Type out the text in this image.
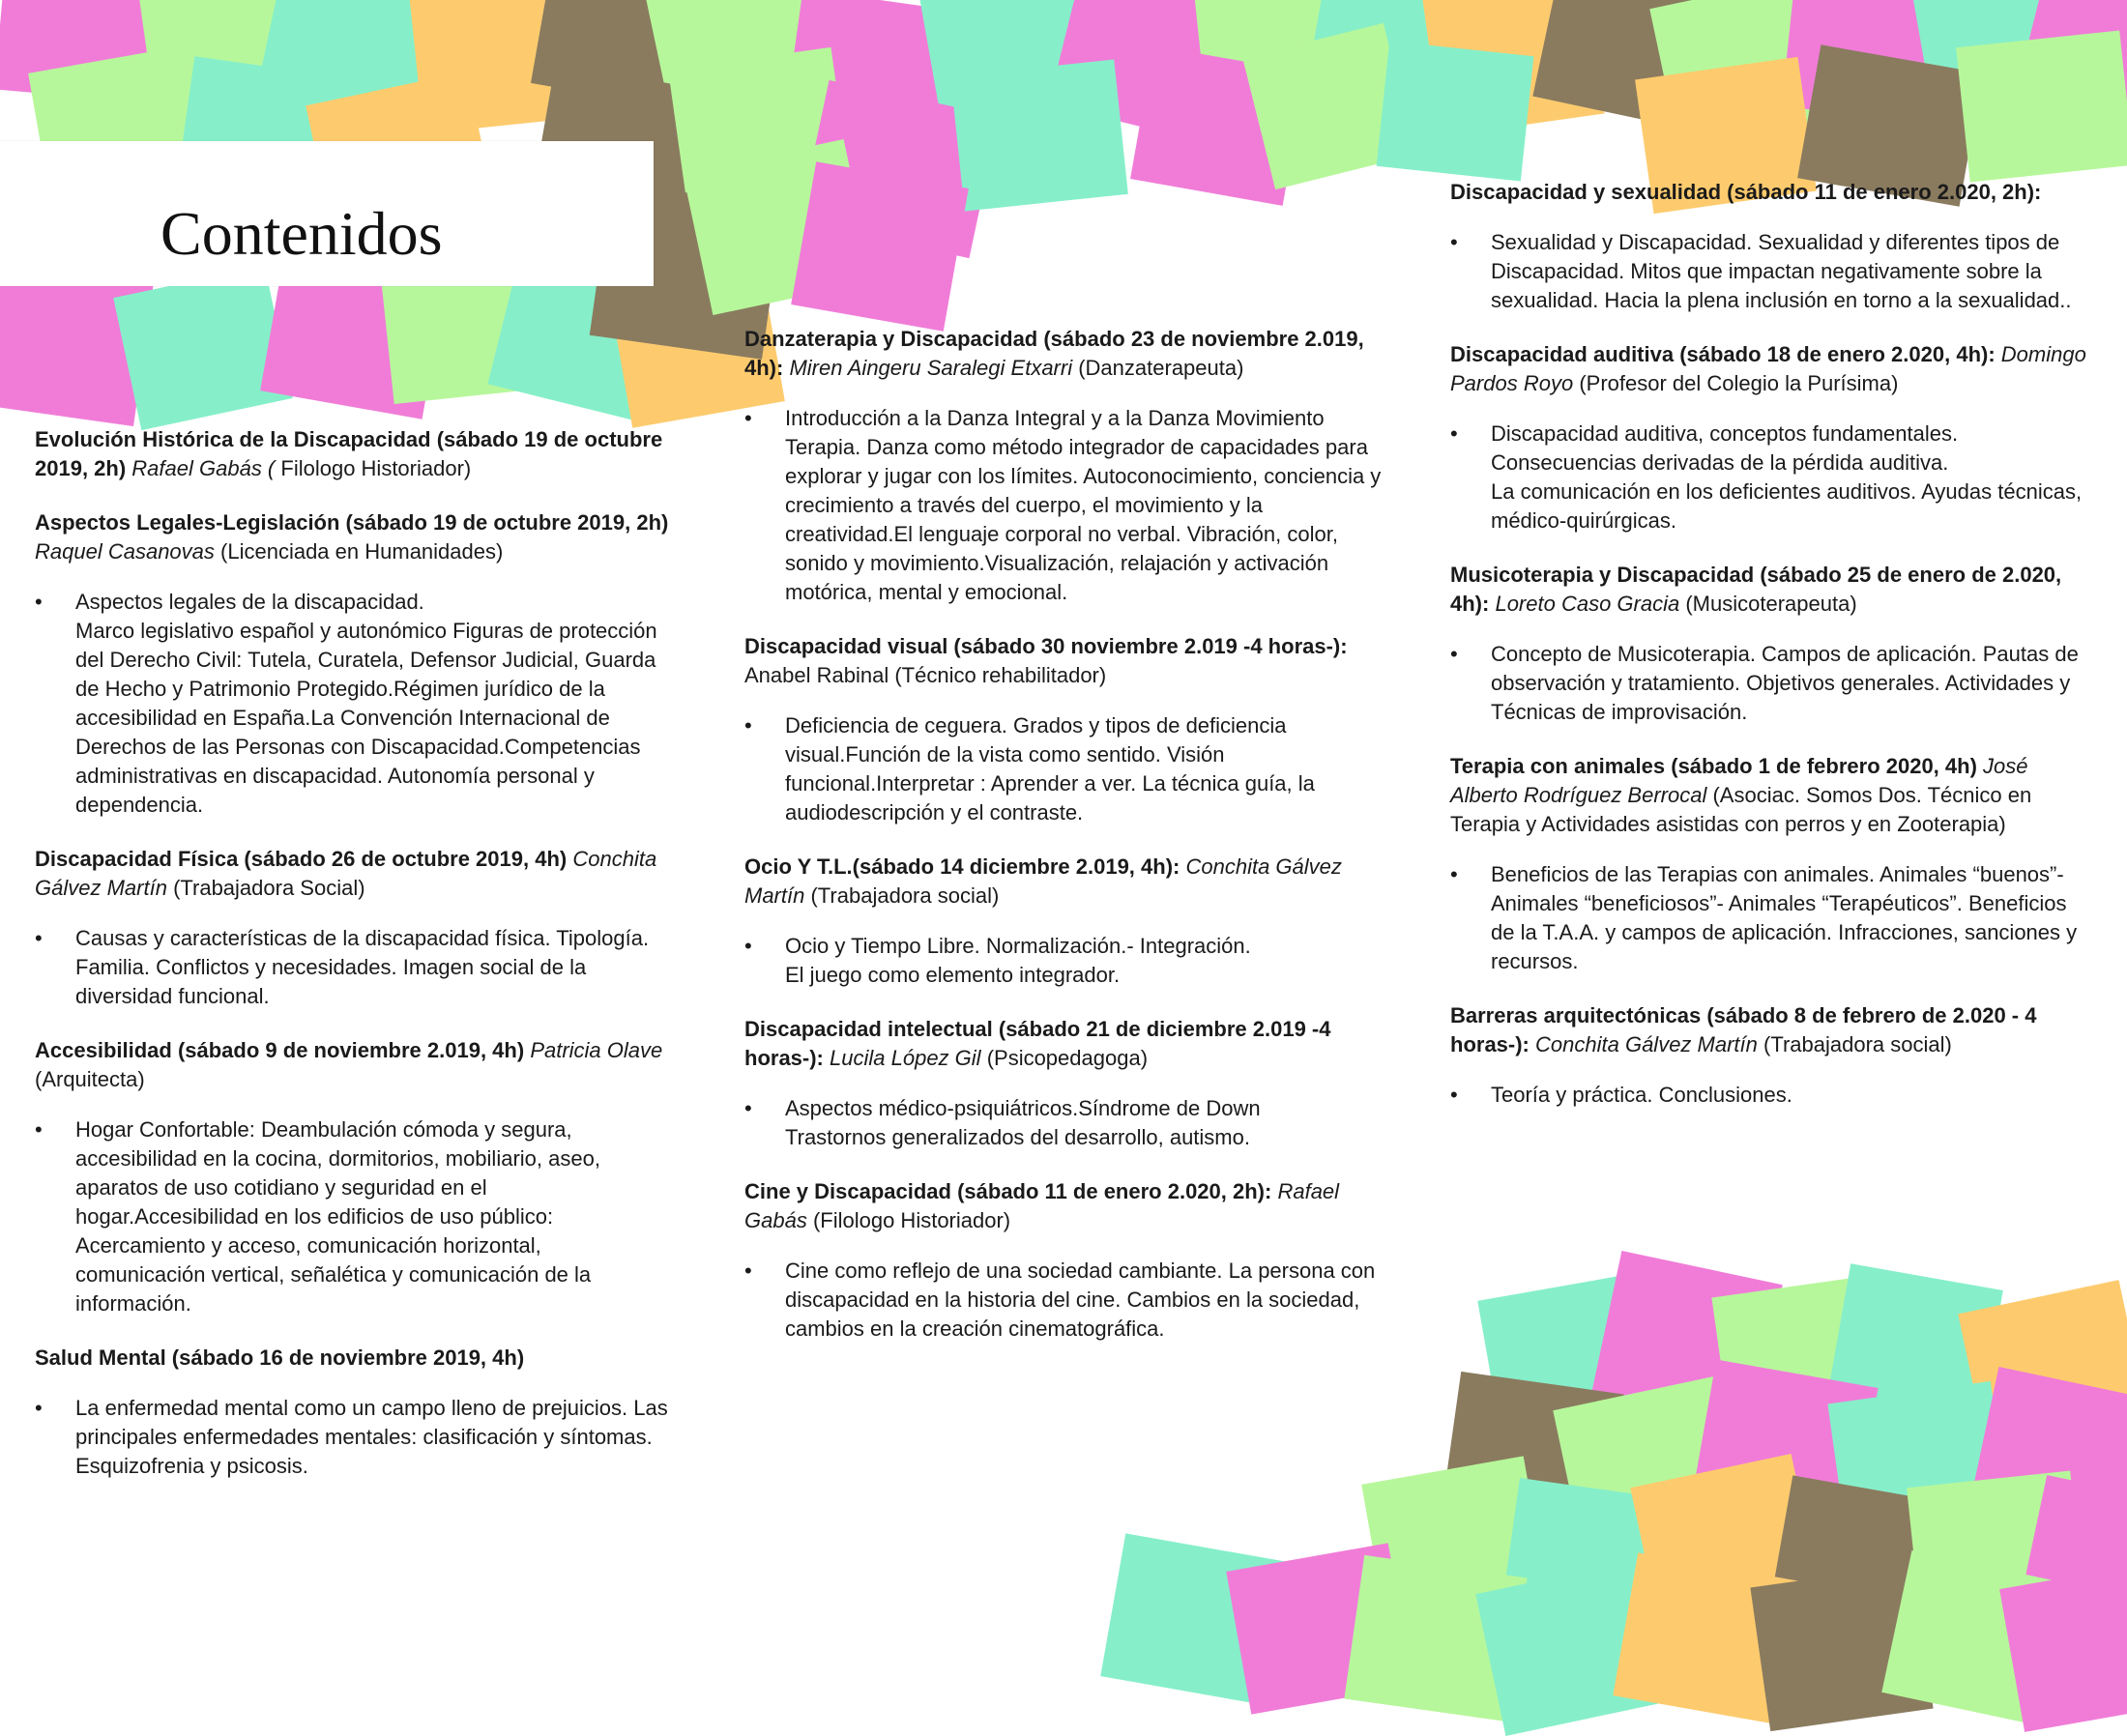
Contenidos

Evolución Histórica de la Discapacidad (sábado 19 de octubre 2019, 2h) Rafael Gabás ( Filologo Historiador)

Aspectos Legales-Legislación (sábado 19 de octubre 2019, 2h) Raquel Casanovas (Licenciada en Humanidades)

• Aspectos legales de la discapacidad.
Marco legislativo español y autonómico Figuras de protección del Derecho Civil: Tutela, Curatela, Defensor Judicial, Guarda de Hecho y Patrimonio Protegido.Régimen jurídico de la accesibilidad en España.La Convención Internacional de Derechos de las Personas con Discapacidad.Competencias administrativas en discapacidad. Autonomía personal y dependencia.

Discapacidad Física (sábado 26 de octubre 2019, 4h) Conchita Gálvez Martín (Trabajadora Social)

• Causas y características de la discapacidad física. Tipología. Familia. Conflictos y necesidades. Imagen social de la diversidad funcional.

Accesibilidad (sábado 9 de noviembre 2.019, 4h) Patricia Olave (Arquitecta)

• Hogar Confortable: Deambulación cómoda y segura, accesibilidad en la cocina, dormitorios, mobiliario, aseo, aparatos de uso cotidiano y seguridad en el hogar.Accesibilidad en los edificios de uso público: Acercamiento y acceso, comunicación horizontal, comunicación vertical, señalética y comunicación de la información.

Salud Mental (sábado 16 de noviembre 2019, 4h)

• La enfermedad mental como un campo lleno de prejuicios. Las principales enfermedades mentales: clasificación y síntomas. Esquizofrenia y psicosis.

Danzaterapia y Discapacidad (sábado 23 de noviembre 2.019, 4h): Miren Aingeru Saralegi Etxarri (Danzaterapeuta)

• Introducción a la Danza Integral y a la Danza Movimiento Terapia. Danza como método integrador de capacidades para explorar y jugar con los límites. Autoconocimiento, conciencia y crecimiento a través del cuerpo, el movimiento y la creatividad.El lenguaje corporal no verbal. Vibración, color, sonido y movimiento.Visualización, relajación y activación motórica, mental y emocional.

Discapacidad visual (sábado 30 noviembre 2.019 -4 horas-): Anabel Rabinal (Técnico rehabilitador)

• Deficiencia de ceguera. Grados y tipos de deficiencia visual.Función de la vista como sentido. Visión funcional.Interpretar : Aprender a ver. La técnica guía, la audiodescripción y el contraste.

Ocio Y T.L.(sábado 14 diciembre 2.019, 4h): Conchita Gálvez Martín (Trabajadora social)

• Ocio y Tiempo Libre. Normalización.- Integración.
El juego como elemento integrador.

Discapacidad intelectual (sábado 21 de diciembre 2.019 -4 horas-): Lucila López Gil (Psicopedagoga)

• Aspectos médico-psiquiátricos.Síndrome de Down
Trastornos generalizados del desarrollo, autismo.

Cine y Discapacidad (sábado 11 de enero 2.020, 2h): Rafael Gabás (Filologo Historiador)

• Cine como reflejo de una sociedad cambiante. La persona con discapacidad en la historia del cine. Cambios en la sociedad, cambios en la creación cinematográfica.

Discapacidad y sexualidad (sábado 11 de enero 2.020, 2h):

• Sexualidad y Discapacidad. Sexualidad y diferentes tipos de Discapacidad. Mitos que impactan negativamente sobre la sexualidad. Hacia la plena inclusión en torno a la sexualidad..

Discapacidad auditiva (sábado 18 de enero 2.020, 4h): Domingo Pardos Royo (Profesor del Colegio la Purísima)

• Discapacidad auditiva, conceptos fundamentales. Consecuencias derivadas de la pérdida auditiva.
La comunicación en los deficientes auditivos. Ayudas técnicas, médico-quirúrgicas.

Musicoterapia y Discapacidad (sábado 25 de enero de 2.020, 4h): Loreto Caso Gracia (Musicoterapeuta)

• Concepto de Musicoterapia. Campos de aplicación. Pautas de observación y tratamiento. Objetivos generales. Actividades y Técnicas de improvisación.

Terapia con animales (sábado 1 de febrero 2020, 4h) José Alberto Rodríguez Berrocal (Asociac. Somos Dos. Técnico en Terapia y Actividades asistidas con perros y en Zooterapia)

• Beneficios de las Terapias con animales. Animales “buenos”- Animales “beneficiosos”- Animales “Terapéuticos”. Beneficios de la T.A.A. y campos de aplicación. Infracciones, sanciones y recursos.

Barreras arquitectónicas (sábado 8 de febrero de 2.020 - 4 horas-): Conchita Gálvez Martín (Trabajadora social)

• Teoría y práctica. Conclusiones.
